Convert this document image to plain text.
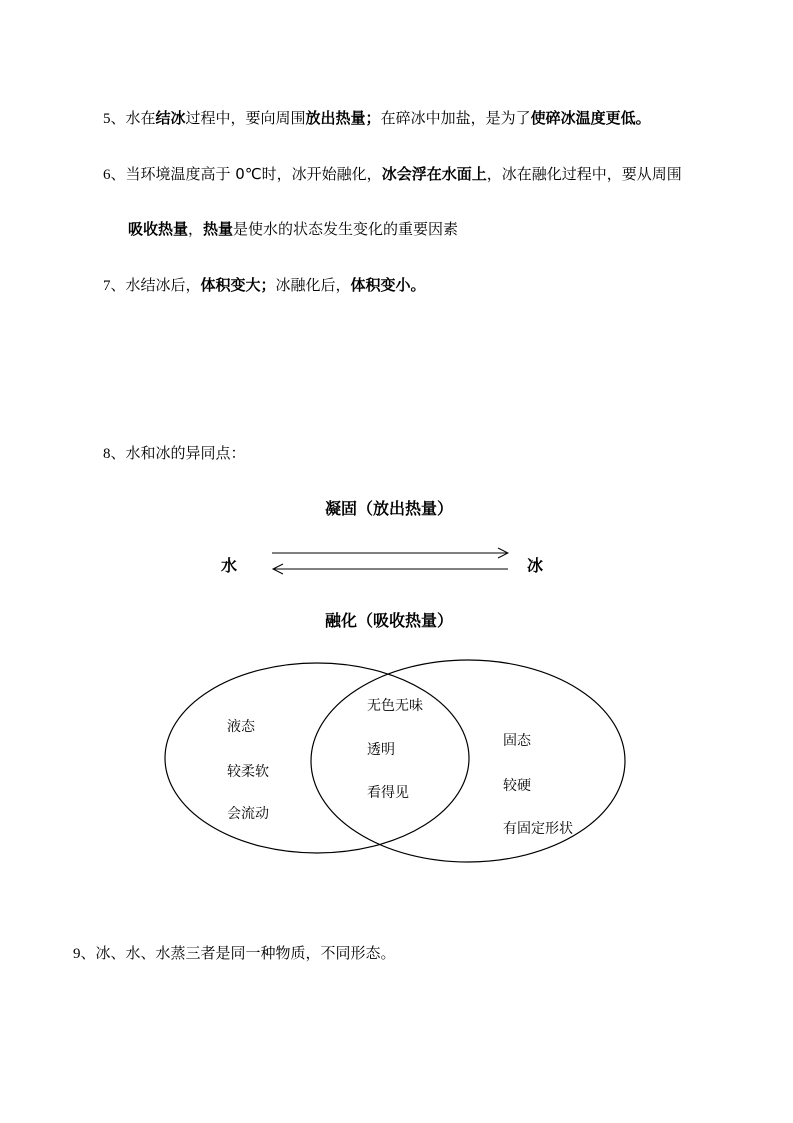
5、水在结冰过程中，要向周围放出热量；在碎冰中加盐，是为了使碎冰温度更低。
6、当环境温度高于 0℃时，冰开始融化，冰会浮在水面上，冰在融化过程中，要从周围
吸收热量，热量是使水的状态发生变化的重要因素
7、水结冰后，体积变大；冰融化后，体积变小。
8、水和冰的异同点：
凝固（放出热量）
水	冰
融化（吸收热量）
液态
较柔软
会流动
无色无味
透明
看得见
固态
较硬
有固定形状
9、冰、水、水蒸三者是同一种物质，不同形态。
